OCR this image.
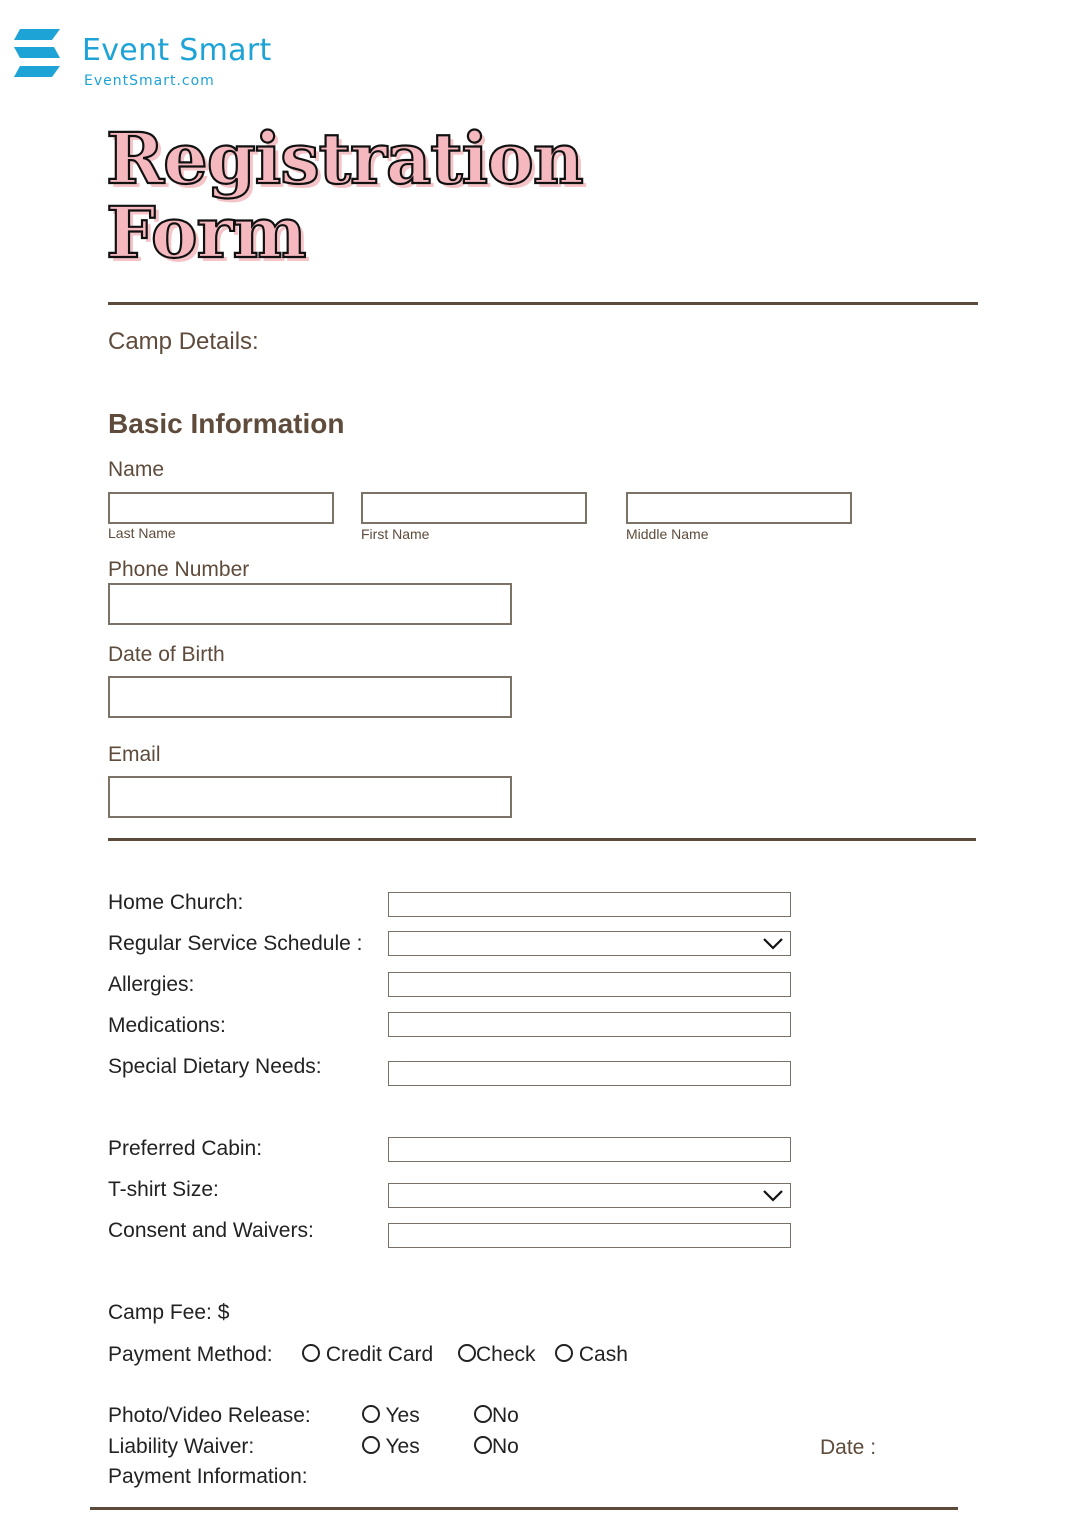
Event Smart
EventSmart.com
Registration
Form
Camp Details:
Basic Information
Name
Last Name	First Name	Middle Name
Phone Number
Date of Birth
Email
Home Church:
Regular Service Schedule :
Allergies:
Medications:
Special Dietary Needs:
Preferred Cabin:
T-shirt Size:
Consent and Waivers:
Camp Fee: $
Payment Method:	Credit Card	Check	Cash
Photo/Video Release:	Yes	No
Liability Waiver:	Yes	No	Date :
Payment Information:
